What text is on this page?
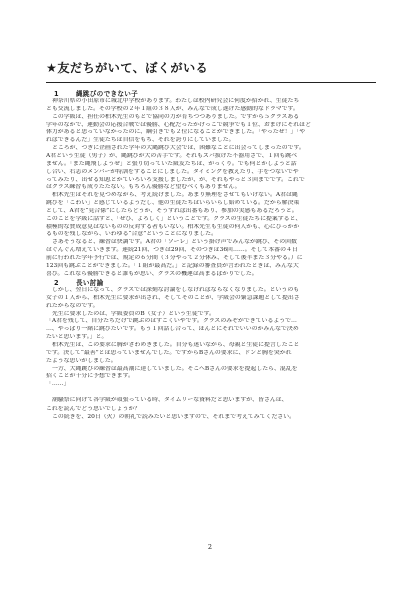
★友だちがいて、ぼくがいる
1	縄跳びのできない子
神奈川県の小田原市に城北中学校があります。わたしは校内研究会に何度か招かれ、生徒たち
とも交流しました。その学校の２年１組の３８人が、みんなで成し遂げた感動的なドラマです。
この学級は、担任の柏木先生のもとで協同の力が育ちつつありました。ですから５クラスある
学年のなかで、運動会の応援合戦では優勝、心配だったかけっこで競争でも１位、おまけにそれほど
体力があると思っていなかったのに、綱引きでも２位になることができました。「やったぜ！」「や
ればできるんだ」生徒たちは自信をもち、それを誇りにしていました。
ところが、つぎに企画された学年の大縄跳び大会では、困難なことに出会ってしまったのです。
A君という生徒（男子）が、縄跳びが大の苦手です。それもズバ抜けた不器用さで、１回も跳べ
ません。「また縄飛しようぜ」と張り切っていた級友たちは、がっくり。でも何とかしようと話
し合い、右志のメンバーが特訓をすることにしました。タイミングを教えたり、手をつないでや
ってみたり、出せる知恵とかていろいろ支援しましたが、が、それもやっと３回までです。これで
はクラス練習も成りたたない。もちろん優勝など望むべくもありません。
柏木先生はそれを見つめながら、考え続けました。あまり無理をさせてもいけない。A君は縄
跳びを「こわい」と感じているようだし、他の生徒たちはいらいらし始めている。だから解決策
として、A君を“見合係”にしたらどうか、そうすれば出番もあり、参加の実感もあるだろうと。
このことを学級に話すと、「ぜひ、よろしく」ということです。クラスの生徒たちに提案すると、
積極的な賛成意見はないものの反対する者もいない。柏木先生も生徒の何人かも、心にひっかか
るものを残しながら、いわゆる“合意”ということになりました。
さあそうなると、練習は快調です。A君の「ソーレ」という掛け声でみんなが跳び、その回数
はぐんぐん増えていきます。連続21回、つぎは29回、そのつぎは36回……。そして本番の４日
前に行われた学年予行では、規定の６分間（３分やって２分休み、そして後半また３分やる。）に
123回も跳ぶことができました。「１組が最高だ。」と記録の審査員が言われたときは、みんな大
喜び。これなら優勝できると誰もが思い、クラスの機運は高まるばかりでした。
2	長い討論
しかし、翌日になって、クラスでは深刻な討論をしなければならなくなりました。というのも
女子の１人から、柏木先生に要求が出され、そしてそのことが、学級会の緊急課題として提出さ
れたからなのです。
先生に要求したのは、学級委員のB（女子）という生徒です。
「A君を残して、自分たちだけで跳ぶのはすごくいやです。クラスのみぞができているようで…
…、やっぱり一緒に跳びたいです。もう１回話し合って、ほんとにそれでいいのかみんなで決め
たいと思います。」と。
柏木先生は、この要求に胸がざわめきました。自分も迷いながら、母親と生徒に提言したこと
です。決して“最善”とは思っていませんでした。ですからBさんの要求に、ドンと胸を突かれ
たような思いがしました。
一方、大縄跳びの練習は最高潮に達していました。そこへBさんの要求を提起したら、混乱を
招くことが十分に予想できます。
「……」
潮騒祭に向けて各学級が頑張っている時、タイムリーな資料だと思いますが、皆さんは、
これを読んでどう思いでしょうか？
この続きを、20日（火）の朝礼で読みたいと思いますので、それまで考えてみてください。
2
